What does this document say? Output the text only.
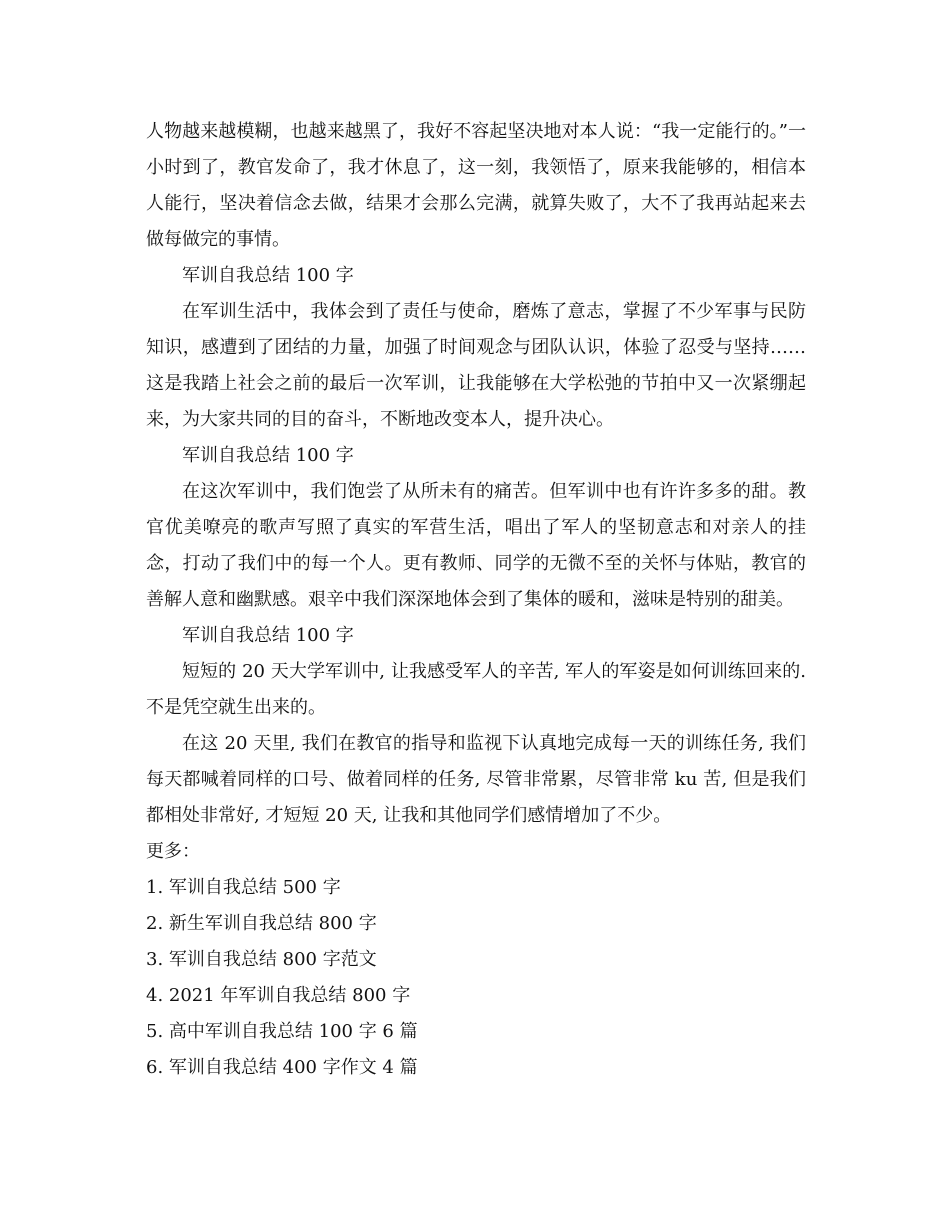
人物越来越模糊，也越来越黑了，我好不容起坚决地对本人说：“我一定能行的。”一小时到了，教官发命了，我才休息了，这一刻，我领悟了，原来我能够的，相信本人能行，坚决着信念去做，结果才会那么完满，就算失败了，大不了我再站起来去做每做完的事情。

军训自我总结 100 字

在军训生活中，我体会到了责任与使命，磨炼了意志，掌握了不少军事与民防知识，感遭到了团结的力量，加强了时间观念与团队认识，体验了忍受与坚持……这是我踏上社会之前的最后一次军训，让我能够在大学松弛的节拍中又一次紧绷起来，为大家共同的目的奋斗，不断地改变本人，提升决心。

军训自我总结 100 字

在这次军训中，我们饱尝了从所未有的痛苦。但军训中也有许许多多的甜。教官优美嘹亮的歌声写照了真实的军营生活，唱出了军人的坚韧意志和对亲人的挂念，打动了我们中的每一个人。更有教师、同学的无微不至的关怀与体贴，教官的善解人意和幽默感。艰辛中我们深深地体会到了集体的暖和，滋味是特别的甜美。

军训自我总结 100 字

短短的 20 天大学军训中, 让我感受军人的辛苦, 军人的军姿是如何训练回来的. 不是凭空就生出来的。

在这 20 天里, 我们在教官的指导和监视下认真地完成每一天的训练任务, 我们每天都喊着同样的口号、做着同样的任务, 尽管非常累，尽管非常 ku 苦, 但是我们都相处非常好, 才短短 20 天, 让我和其他同学们感情增加了不少。

更多：

1. 军训自我总结 500 字
2. 新生军训自我总结 800 字
3. 军训自我总结 800 字范文
4. 2021 年军训自我总结 800 字
5. 高中军训自我总结 100 字 6 篇
6. 军训自我总结 400 字作文 4 篇
